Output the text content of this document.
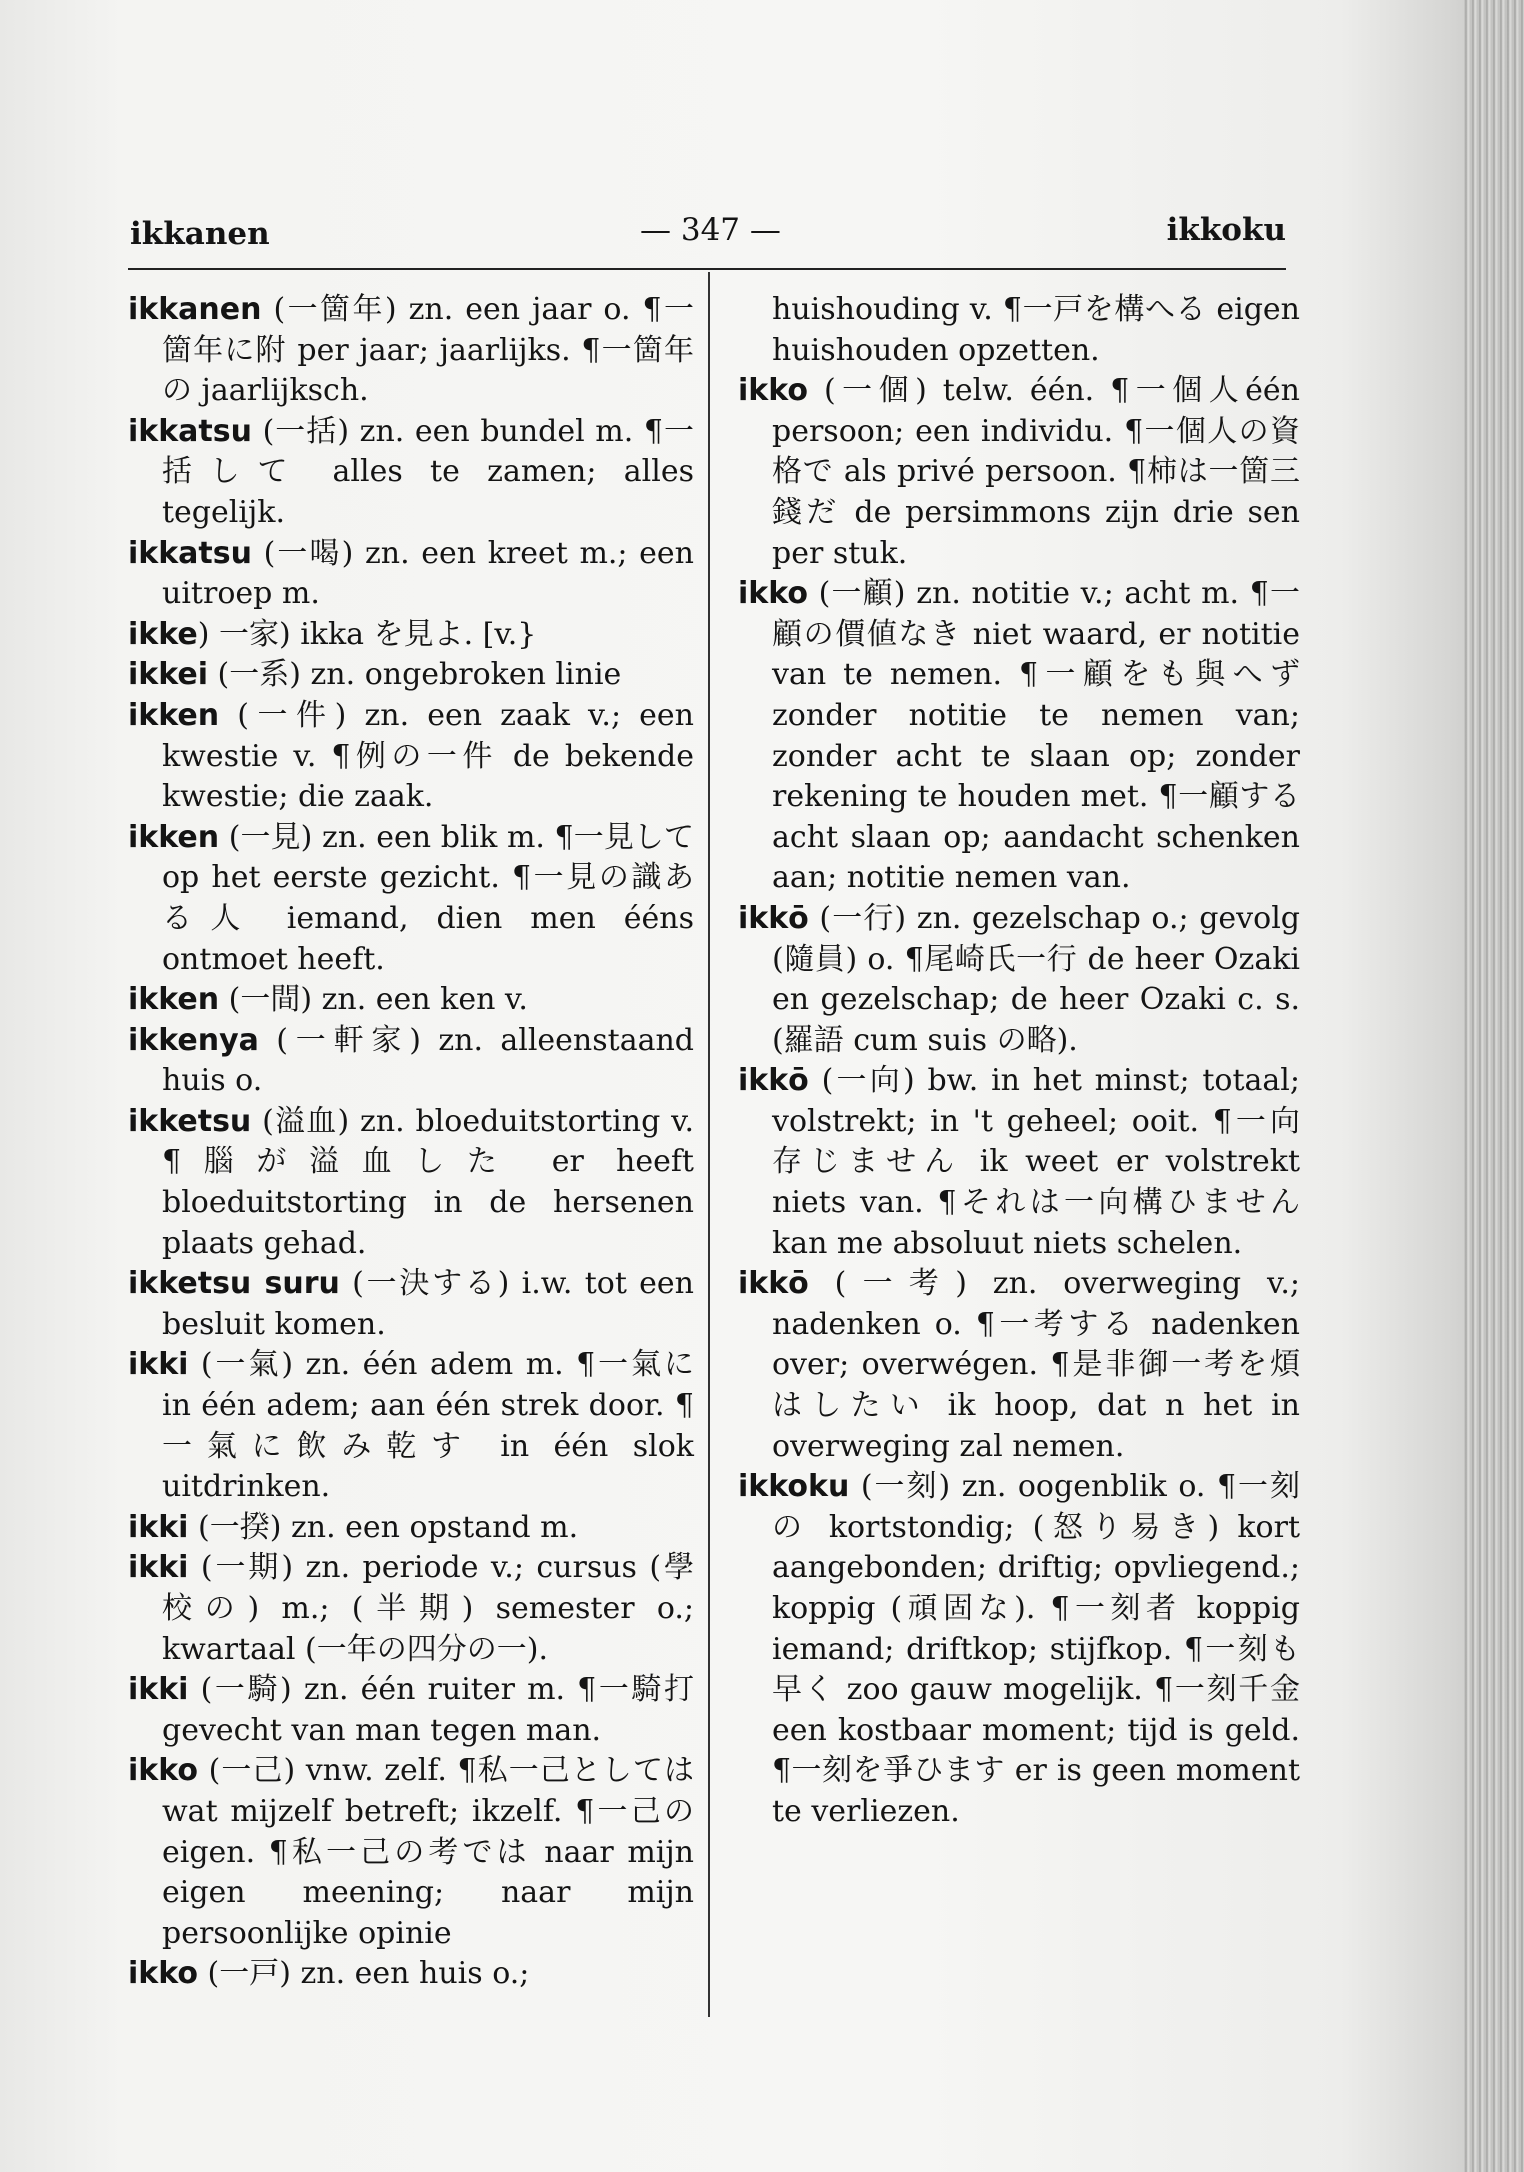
ikkanen	— 347 —	ikkoku

ikkanen (一箇年) zn. een jaar o. ¶一箇年に附 per jaar; jaarlijks. ¶一箇年の jaarlijksch.

ikkatsu (一括) zn. een bundel m. ¶一括して alles te zamen; alles tegelijk.

ikkatsu (一喝) zn. een kreet m.; een uitroep m.

ikke) 一家) ikka を見よ. [v.}

ikkei (一系) zn. ongebroken linie

ikken (一件) zn. een zaak v.; een kwestie v. ¶例の一件 de bekende kwestie; die zaak.

ikken (一見) zn. een blik m. ¶一見して op het eerste gezicht. ¶一見の識ある人 iemand, dien men ééns ontmoet heeft.

ikken (一間) zn. een ken v.

ikkenya (一軒家) zn. alleenstaand huis o.

ikketsu (溢血) zn. bloeduitstorting v. ¶腦が溢血した er heeft bloeduitstorting in de hersenen plaats gehad.

ikketsu suru (一決する) i.w. tot een besluit komen.

ikki (一氣) zn. één adem m. ¶一氣に in één adem; aan één strek door. ¶一氣に飲み乾す in één slok uitdrinken.

ikki (一揆) zn. een opstand m.

ikki (一期) zn. periode v.; cursus (學校の) m.; (半期) semester o.; kwartaal (一年の四分の一).

ikki (一騎) zn. één ruiter m. ¶一騎打 gevecht van man tegen man.

ikko (一己) vnw. zelf. ¶私一己としては wat mijzelf betreft; ikzelf. ¶一己の eigen. ¶私一己の考では naar mijn eigen meening; naar mijn persoonlijke opinie

ikko (一戸) zn. een huis o.;

huishouding v. ¶一戸を構へる eigen huishouden opzetten.

ikko (一個) telw. één. ¶一個人één persoon; een individu. ¶一個人の資格で als privé persoon. ¶柿は一箇三錢だ de persimmons zijn drie sen per stuk.

ikko (一顧) zn. notitie v.; acht m. ¶一顧の價値なき niet waard, er notitie van te nemen. ¶一顧をも與へず zonder notitie te nemen van; zonder acht te slaan op; zonder rekening te houden met. ¶一顧する acht slaan op; aandacht schenken aan; notitie nemen van.

ikkō (一行) zn. gezelschap o.; gevolg (隨員) o. ¶尾崎氏一行 de heer Ozaki en gezelschap; de heer Ozaki c. s. (羅語 cum suis の略).

ikkō (一向) bw. in het minst; totaal; volstrekt; in 't geheel; ooit. ¶一向存じません ik weet er volstrekt niets van. ¶それは一向構ひません kan me absoluut niets schelen.

ikkō (一考) zn. overweging v.; nadenken o. ¶一考する nadenken over; overwégen. ¶是非御一考を煩はしたい ik hoop, dat n het in overweging zal nemen.

ikkoku (一刻) zn. oogenblik o. ¶一刻の kortstondig; (怒り易き) kort aangebonden; driftig; opvliegend.; koppig (頑固な). ¶一刻者 koppig iemand; driftkop; stijfkop. ¶一刻も早く zoo gauw mogelijk. ¶一刻千金 een kostbaar moment; tijd is geld. ¶一刻を爭ひます er is geen moment te verliezen.
